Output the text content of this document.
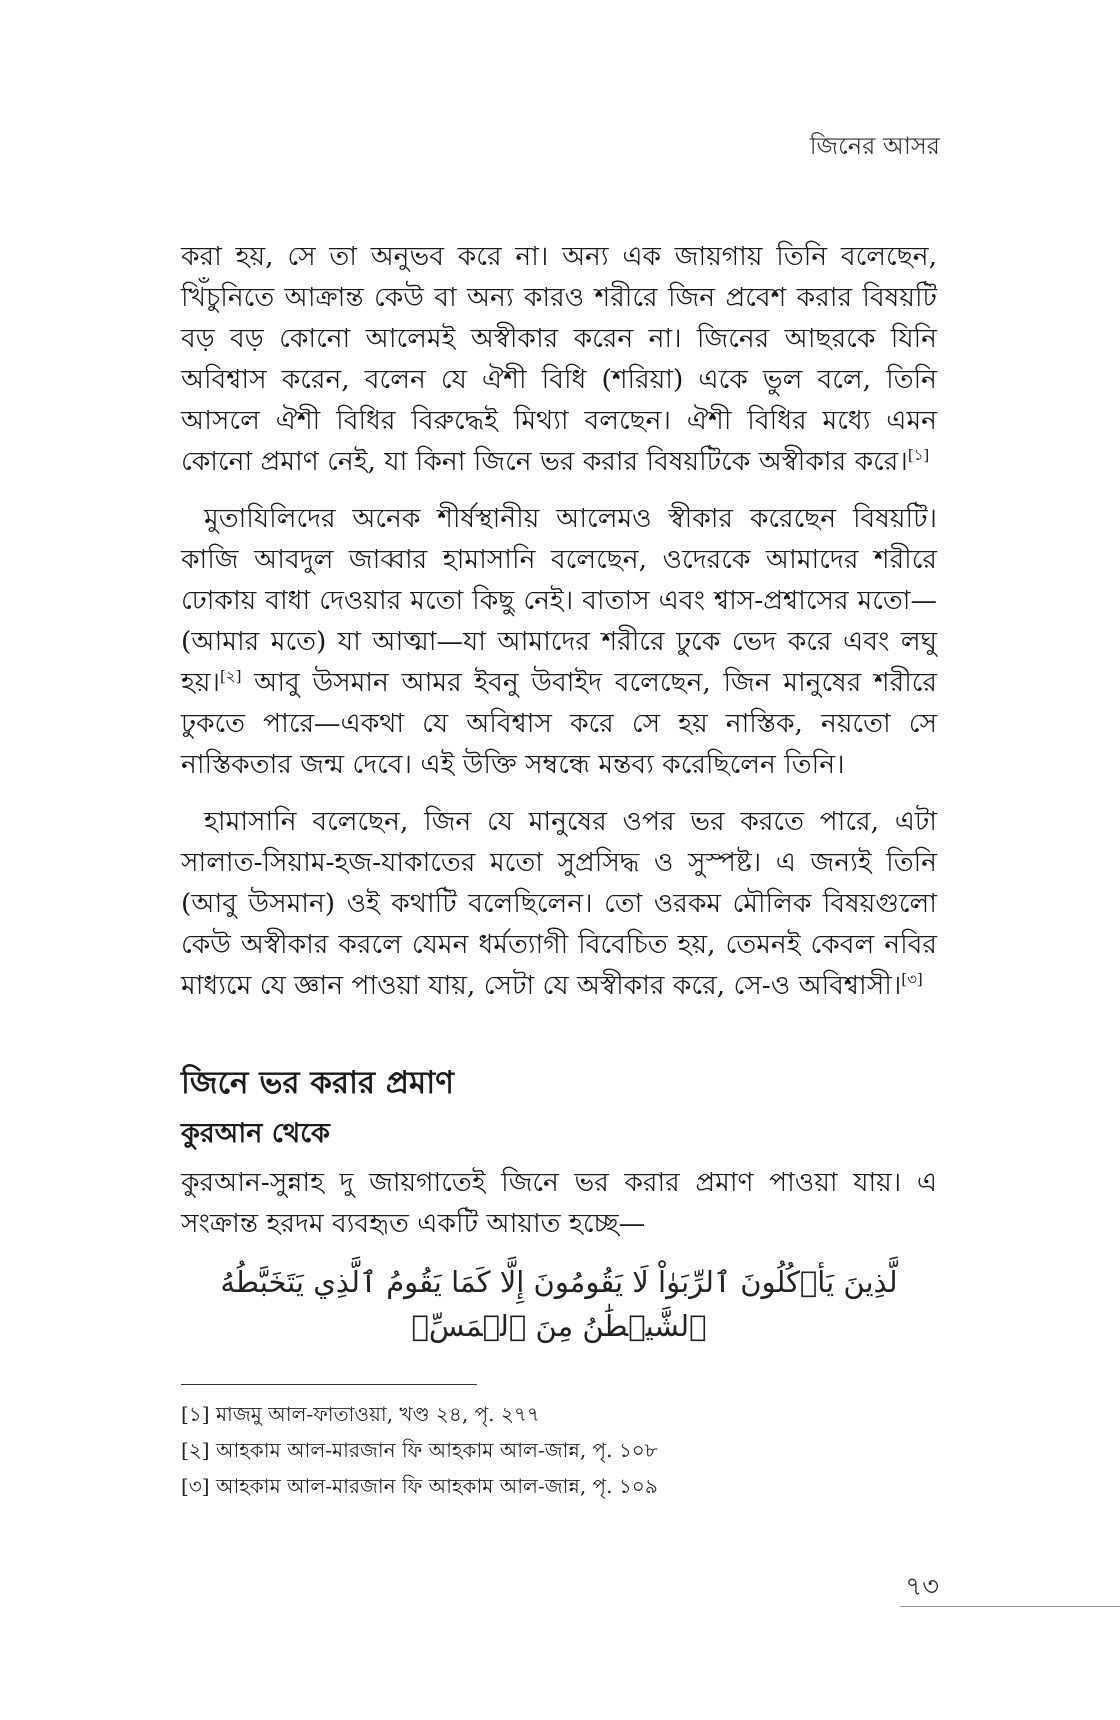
জিনের আসর

করা হয়, সে তা অনুভব করে না। অন্য এক জায়গায় তিনি বলেছেন, খিঁচুনিতে আক্রান্ত কেউ বা অন্য কারও শরীরে জিন প্রবেশ করার বিষয়টি বড় বড় কোনো আলেমই অস্বীকার করেন না। জিনের আছরকে যিনি অবিশ্বাস করেন, বলেন যে ঐশী বিধি (শরিয়া) একে ভুল বলে, তিনি আসলে ঐশী বিধির বিরুদ্ধেই মিথ্যা বলছেন। ঐশী বিধির মধ্যে এমন কোনো প্রমাণ নেই, যা কিনা জিনে ভর করার বিষয়টিকে অস্বীকার করে।[১]

মুতাযিলিদের অনেক শীর্ষস্থানীয় আলেমও স্বীকার করেছেন বিষয়টি। কাজি আবদুল জাব্বার হামাসানি বলেছেন, ওদেরকে আমাদের শরীরে ঢোকায় বাধা দেওয়ার মতো কিছু নেই। বাতাস এবং শ্বাস-প্রশ্বাসের মতো—(আমার মতে) যা আত্মা—যা আমাদের শরীরে ঢুকে ভেদ করে এবং লঘু হয়।[২] আবু উসমান আমর ইবনু উবাইদ বলেছেন, জিন মানুষের শরীরে ঢুকতে পারে—একথা যে অবিশ্বাস করে সে হয় নাস্তিক, নয়তো সে নাস্তিকতার জন্ম দেবে। এই উক্তি সম্বন্ধে মন্তব্য করেছিলেন তিনি।

হামাসানি বলেছেন, জিন যে মানুষের ওপর ভর করতে পারে, এটা সালাত-সিয়াম-হজ-যাকাতের মতো সুপ্রসিদ্ধ ও সুস্পষ্ট। এ জন্যই তিনি (আবু উসমান) ওই কথাটি বলেছিলেন। তো ওরকম মৌলিক বিষয়গুলো কেউ অস্বীকার করলে যেমন ধর্মত্যাগী বিবেচিত হয়, তেমনই কেবল নবির মাধ্যমে যে জ্ঞান পাওয়া যায়, সেটা যে অস্বীকার করে, সে-ও অবিশ্বাসী।[৩]

জিনে ভর করার প্রমাণ
কুরআন থেকে

কুরআন-সুন্নাহ দু জায়গাতেই জিনে ভর করার প্রমাণ পাওয়া যায়। এ সংক্রান্ত হরদম ব্যবহৃত একটি আয়াত হচ্ছে—

لَّذِينَ يَأۡكُلُونَ ٱلرِّبَوٰاْ لَا يَقُومُونَ إِلَّا كَمَا يَقُومُ ٱلَّذِي يَتَخَبَّطُهُ
ٱلشَّيۡطَٰنُ مِنَ ٱلۡمَسِّۚ

[১] মাজমু আল-ফাতাওয়া, খণ্ড ২৪, পৃ. ২৭৭

[২] আহকাম আল-মারজান ফি আহকাম আল-জান্ন, পৃ. ১০৮

[৩] আহকাম আল-মারজান ফি আহকাম আল-জান্ন, পৃ. ১০৯

৭৩
